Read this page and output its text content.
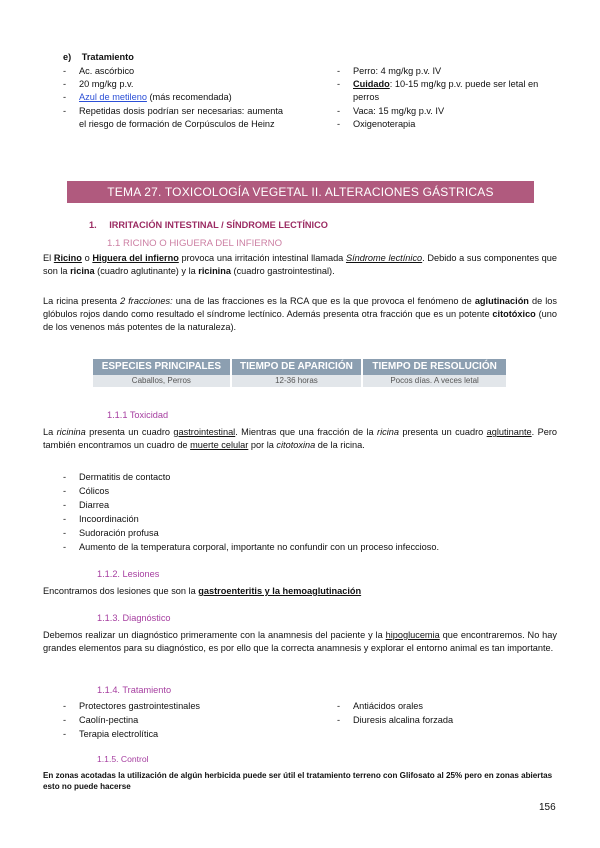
e) Tratamiento
- Ac. ascórbico
- 20 mg/kg p.v.
- Azul de metileno (más recomendada)
- Repetidas dosis podrían ser necesarias: aumenta el riesgo de formación de Corpúsculos de Heinz
- Perro: 4 mg/kg p.v. IV
- Cuidado: 10-15 mg/kg p.v. puede ser letal en perros
- Vaca: 15 mg/kg p.v. IV
- Oxigenoterapia
TEMA 27. TOXICOLOGÍA VEGETAL II. ALTERACIONES GÁSTRICAS
1. IRRITACIÓN INTESTINAL / SÍNDROME LECTÍNICO
1.1 RICINO O HIGUERA DEL INFIERNO
El Ricino o Higuera del infierno provoca una irritación intestinal llamada Síndrome lectínico. Debido a sus componentes que son la ricina (cuadro aglutinante) y la ricinina (cuadro gastrointestinal).
La ricina presenta 2 fracciones: una de las fracciones es la RCA que es la que provoca el fenómeno de aglutinación de los glóbulos rojos dando como resultado el síndrome lectínico. Además presenta otra fracción que es un potente citotóxico (uno de los venenos más potentes de la naturaleza).
ESPECIES PRINCIPALES	TIEMPO DE APARICIÓN	TIEMPO DE RESOLUCIÓN
Caballos, Perros	12-36 horas	Pocos días. A veces letal
1.1.1 Toxicidad
La ricinina presenta un cuadro gastrointestinal. Mientras que una fracción de la ricina presenta un cuadro aglutinante. Pero también encontramos un cuadro de muerte celular por la citotoxina de la ricina.
- Dermatitis de contacto
- Cólicos
- Diarrea
- Incoordinación
- Sudoración profusa
- Aumento de la temperatura corporal, importante no confundir con un proceso infeccioso.
1.1.2. Lesiones
Encontramos dos lesiones que son la gastroenteritis y la hemoaglutinación
1.1.3. Diagnóstico
Debemos realizar un diagnóstico primeramente con la anamnesis del paciente y la hipoglucemia que encontraremos. No hay grandes elementos para su diagnóstico, es por ello que la correcta anamnesis y explorar el entorno animal es tan importante.
1.1.4. Tratamiento
- Protectores gastrointestinales
- Caolín-pectina
- Terapia electrolítica
- Antiácidos orales
- Diuresis alcalina forzada
1.1.5. Control
En zonas acotadas la utilización de algún herbicida puede ser útil el tratamiento terreno con Glifosato al 25% pero en zonas abiertas esto no puede hacerse
156
